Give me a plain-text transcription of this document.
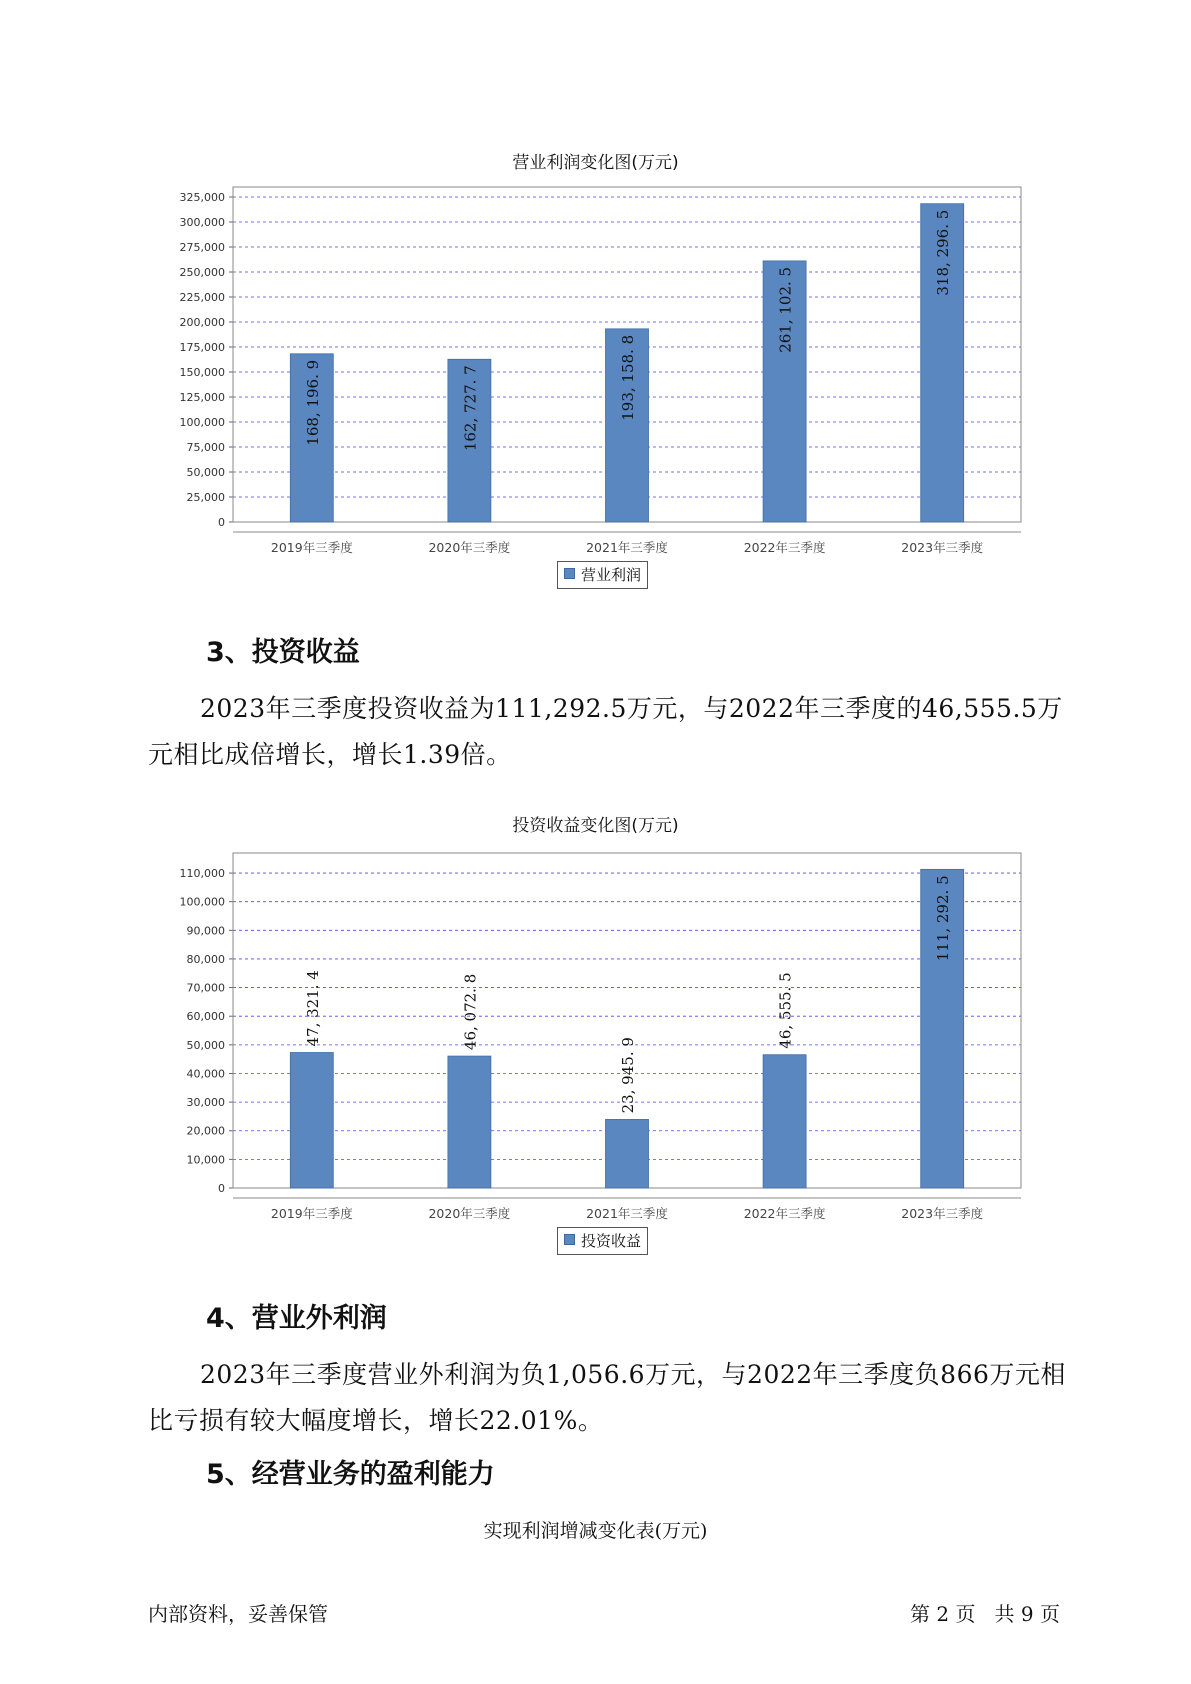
营业利润变化图(万元)
0
25,000
50,000
75,000
100,000
125,000
150,000
175,000
200,000
225,000
250,000
275,000
300,000
325,000
2019年三季度
168, 196. 9
2020年三季度
162, 727. 7
2021年三季度
193, 158. 8
2022年三季度
261, 102. 5
2023年三季度
318, 296. 5
营业利润
3、投资收益

2023年三季度投资收益为111,292.5万元，与2022年三季度的46,555.5万元相比成倍增长，增长1.39倍。

投资收益变化图(万元)
0
10,000
20,000
30,000
40,000
50,000
60,000
70,000
80,000
90,000
100,000
110,000
2019年三季度
47, 321. 4
2020年三季度
46, 072. 8
2021年三季度
23, 945. 9
2022年三季度
46, 555. 5
2023年三季度
111, 292. 5
投资收益
4、营业外利润

2023年三季度营业外利润为负1,056.6万元，与2022年三季度负866万元相比亏损有较大幅度增长，增长22.01%。

5、经营业务的盈利能力
实现利润增减变化表(万元)
内部资料，妥善保管	第 2 页   共 9 页
